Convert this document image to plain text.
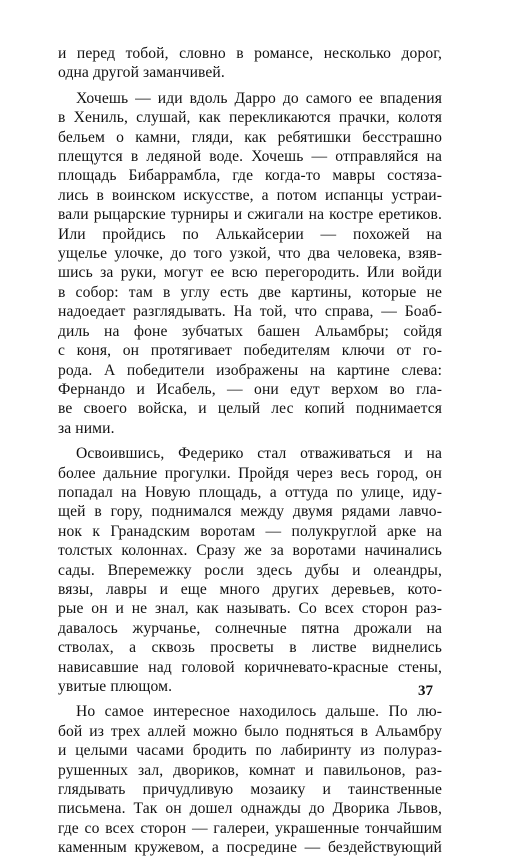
и перед тобой, словно в романсе, несколько дорог,
одна другой заманчивей.

Хочешь — иди вдоль Дарро до самого ее впадения
в Хениль, слушай, как перекликаются прачки, колотя
бельем о камни, гляди, как ребятишки бесстрашно
плещутся в ледяной воде. Хочешь — отправляйся на
площадь Бибаррамбла, где когда-то мавры состяза-
лись в воинском искусстве, а потом испанцы устраи-
вали рыцарские турниры и сжигали на костре еретиков.
Или пройдись по Алькайсерии — похожей на
ущелье улочке, до того узкой, что два человека, взяв-
шись за руки, могут ее всю перегородить. Или войди
в собор: там в углу есть две картины, которые не
надоедает разглядывать. На той, что справа, — Боаб-
диль на фоне зубчатых башен Альамбры; сойдя
с коня, он протягивает победителям ключи от го-
рода. А победители изображены на картине слева:
Фернандо и Исабель, — они едут верхом во гла-
ве своего войска, и целый лес копий поднимается
за ними.

Освоившись, Федерико стал отваживаться и на
более дальние прогулки. Пройдя через весь город, он
попадал на Новую площадь, а оттуда по улице, иду-
щей в гору, поднимался между двумя рядами лавчо-
нок к Гранадским воротам — полукруглой арке на
толстых колоннах. Сразу же за воротами начинались
сады. Вперемежку росли здесь дубы и олеандры,
вязы, лавры и еще много других деревьев, кото-
рые он и не знал, как называть. Со всех сторон раз-
давалось журчанье, солнечные пятна дрожали на
стволах, а сквозь просветы в листве виднелись
нависавшие над головой коричневато-красные стены,
увитые плющом.

Но самое интересное находилось дальше. По лю-
бой из трех аллей можно было подняться в Альамбру
и целыми часами бродить по лабиринту из полураз-
рушенных зал, двориков, комнат и павильонов, раз-
глядывать причудливую мозаику и таинственные
письмена. Так он дошел однажды до Дворика Львов,
где со всех сторон — галереи, украшенные тончайшим
каменным кружевом, а посредине — бездействующий

37
